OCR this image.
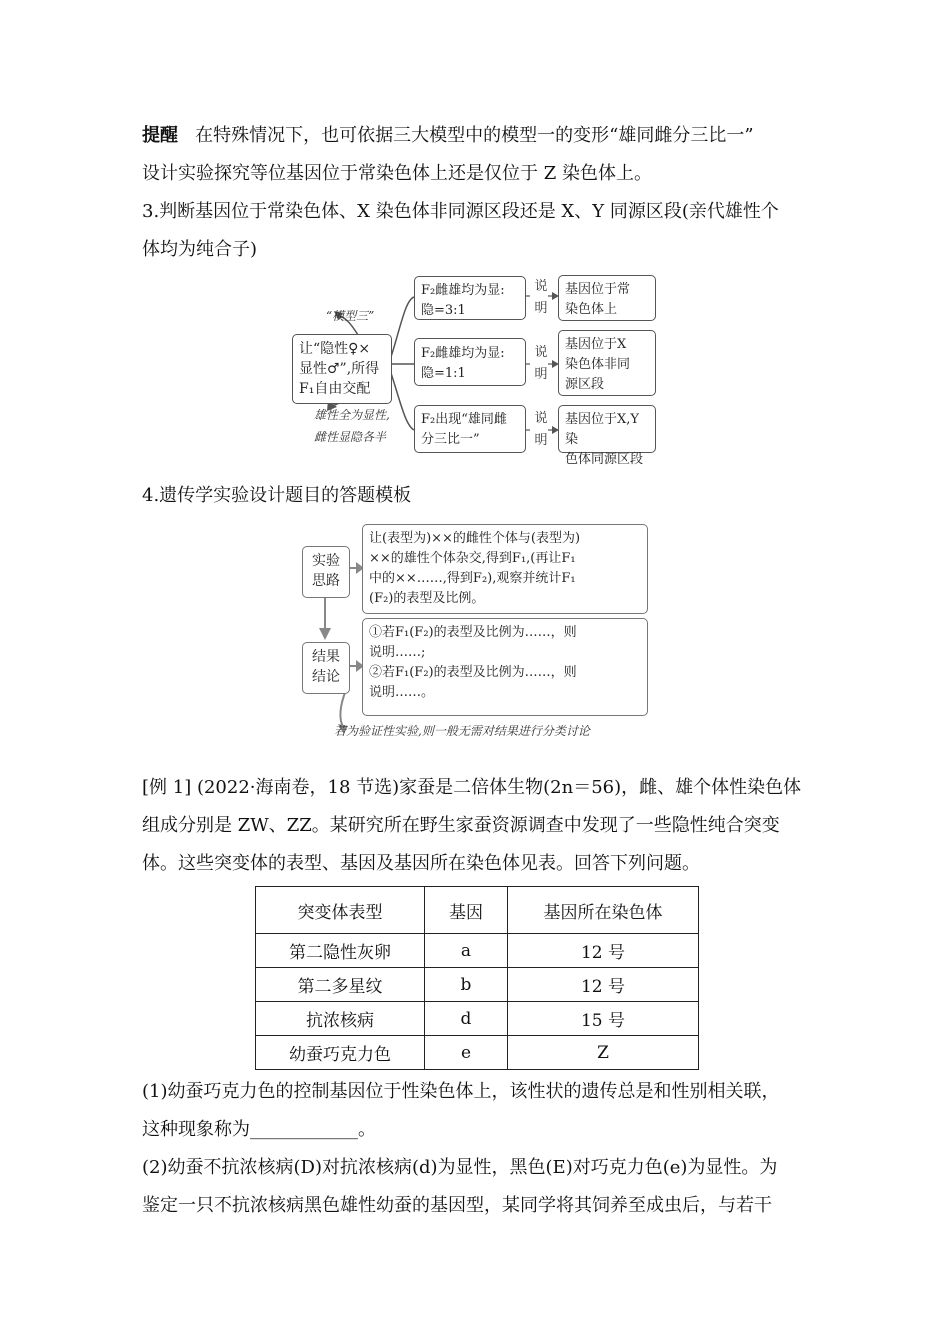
提醒 在特殊情况下，也可依据三大模型中的模型一的变形“雄同雌分三比一”
设计实验探究等位基因位于常染色体上还是仅位于 Z 染色体上。
3.判断基因位于常染色体、X 染色体非同源区段还是 X、Y 同源区段(亲代雄性个
体均为纯合子)
“模型三”
让“隐性♀×
显性♂”,所得
F₁自由交配
雄性全为显性,
雌性显隐各半
F₂雌雄均为显:
隐=3:1
说
明
基因位于常
染色体上
F₂雌雄均为显:
隐=1:1
说
明
基因位于X
染色体非同
源区段
F₂出现“雄同雌
分三比一”
说
明
基因位于X,Y染
色体同源区段
4.遗传学实验设计题目的答题模板
实验
思路
让(表型为)××的雌性个体与(表型为)
××的雄性个体杂交,得到F₁,(再让F₁
中的××……,得到F₂),观察并统计F₁
(F₂)的表型及比例。
结果
结论
①若F₁(F₂)的表型及比例为……，则
说明……;
②若F₁(F₂)的表型及比例为……，则
说明……。
若为验证性实验,则一般无需对结果进行分类讨论
[例 1] (2022·海南卷，18 节选)家蚕是二倍体生物(2n＝56)，雌、雄个体性染色体
组成分别是 ZW、ZZ。某研究所在野生家蚕资源调查中发现了一些隐性纯合突变
体。这些突变体的表型、基因及基因所在染色体见表。回答下列问题。
突变体表型	基因	基因所在染色体
第二隐性灰卵	a	12 号
第二多星纹	b	12 号
抗浓核病	d	15 号
幼蚕巧克力色	e	Z
(1)幼蚕巧克力色的控制基因位于性染色体上，该性状的遗传总是和性别相关联，
这种现象称为____________。
(2)幼蚕不抗浓核病(D)对抗浓核病(d)为显性，黑色(E)对巧克力色(e)为显性。为
鉴定一只不抗浓核病黑色雄性幼蚕的基因型，某同学将其饲养至成虫后，与若干
